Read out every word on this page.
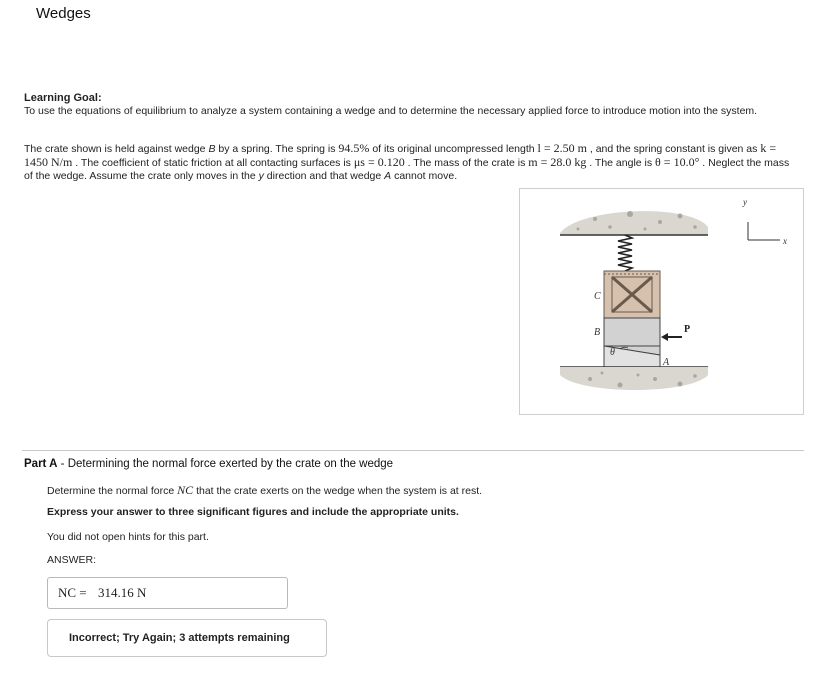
Wedges
Learning Goal:
To use the equations of equilibrium to analyze a system containing a wedge and to determine the necessary applied force to introduce motion into the system.
The crate shown is held against wedge B by a spring. The spring is 94.5% of its original uncompressed length l = 2.50 m , and the spring constant is given as k = 1450 N/m . The coefficient of static friction at all contacting surfaces is μs = 0.120 . The mass of the crate is m = 28.0 kg . The angle is θ = 10.0° . Neglect the mass of the wedge. Assume the crate only moves in the y direction and that wedge A cannot move.
C
B	P
A
θ
x
y
Part A - Determining the normal force exerted by the crate on the wedge
Determine the normal force NC that the crate exerts on the wedge when the system is at rest.
Express your answer to three significant figures and include the appropriate units.
You did not open hints for this part.
ANSWER:
NC = 314.16 N
Incorrect; Try Again; 3 attempts remaining
